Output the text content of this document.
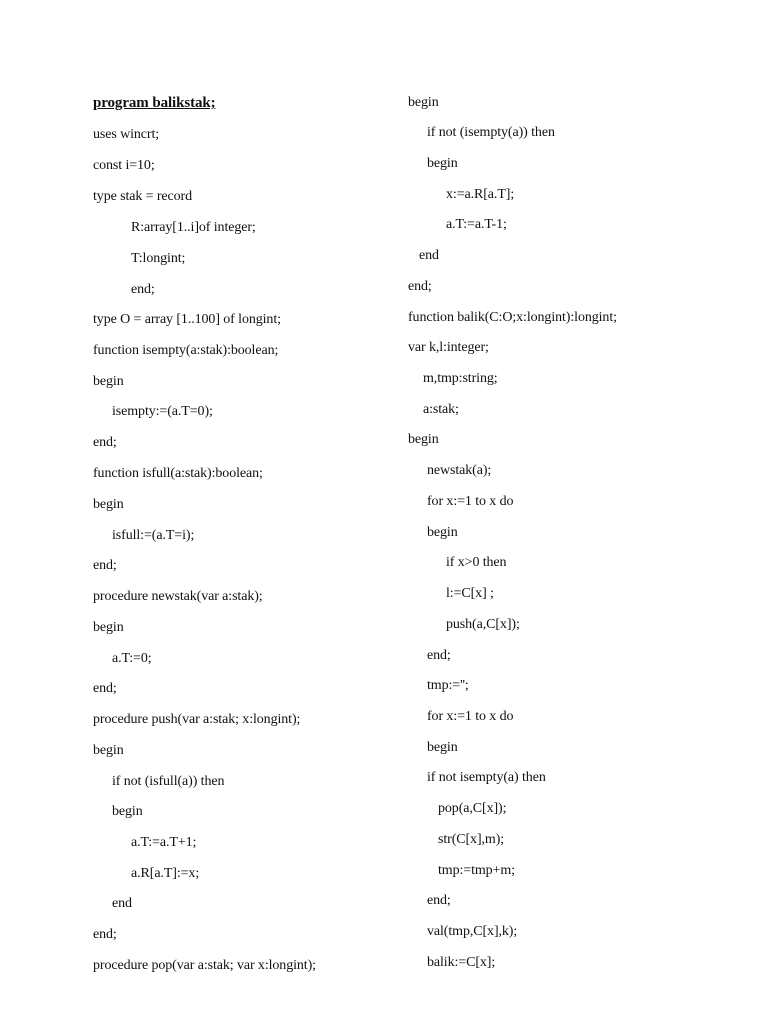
program balikstak;
uses wincrt;
const i=10;
type stak = record
R:array[1..i]of integer;
T:longint;
end;
type O = array [1..100] of longint;
function isempty(a:stak):boolean;
begin
isempty:=(a.T=0);
end;
function isfull(a:stak):boolean;
begin
isfull:=(a.T=i);
end;
procedure newstak(var a:stak);
begin
a.T:=0;
end;
procedure push(var a:stak; x:longint);
begin
if not (isfull(a)) then
begin
a.T:=a.T+1;
a.R[a.T]:=x;
end
end;
procedure pop(var a:stak; var x:longint);
begin
if not (isempty(a)) then
begin
x:=a.R[a.T];
a.T:=a.T-1;
end
end;
function balik(C:O;x:longint):longint;
var k,l:integer;
m,tmp:string;
a:stak;
begin
newstak(a);
for x:=1 to x do
begin
if x>0 then
l:=C[x] ;
push(a,C[x]);
end;
tmp:='';
for x:=1 to x do
begin
if not isempty(a) then
pop(a,C[x]);
str(C[x],m);
tmp:=tmp+m;
end;
val(tmp,C[x],k);
balik:=C[x];
